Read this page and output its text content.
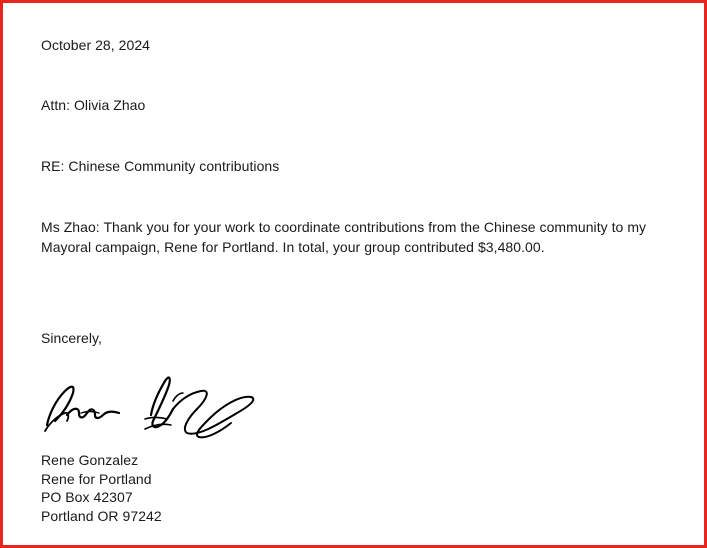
October 28, 2024
Attn: Olivia Zhao
RE: Chinese Community contributions
Ms Zhao: Thank you for your work to coordinate contributions from the Chinese community to my
Mayoral campaign, Rene for Portland. In total, your group contributed $3,480.00.
Sincerely,
Rene Gonzalez
Rene for Portland
PO Box 42307
Portland OR 97242
